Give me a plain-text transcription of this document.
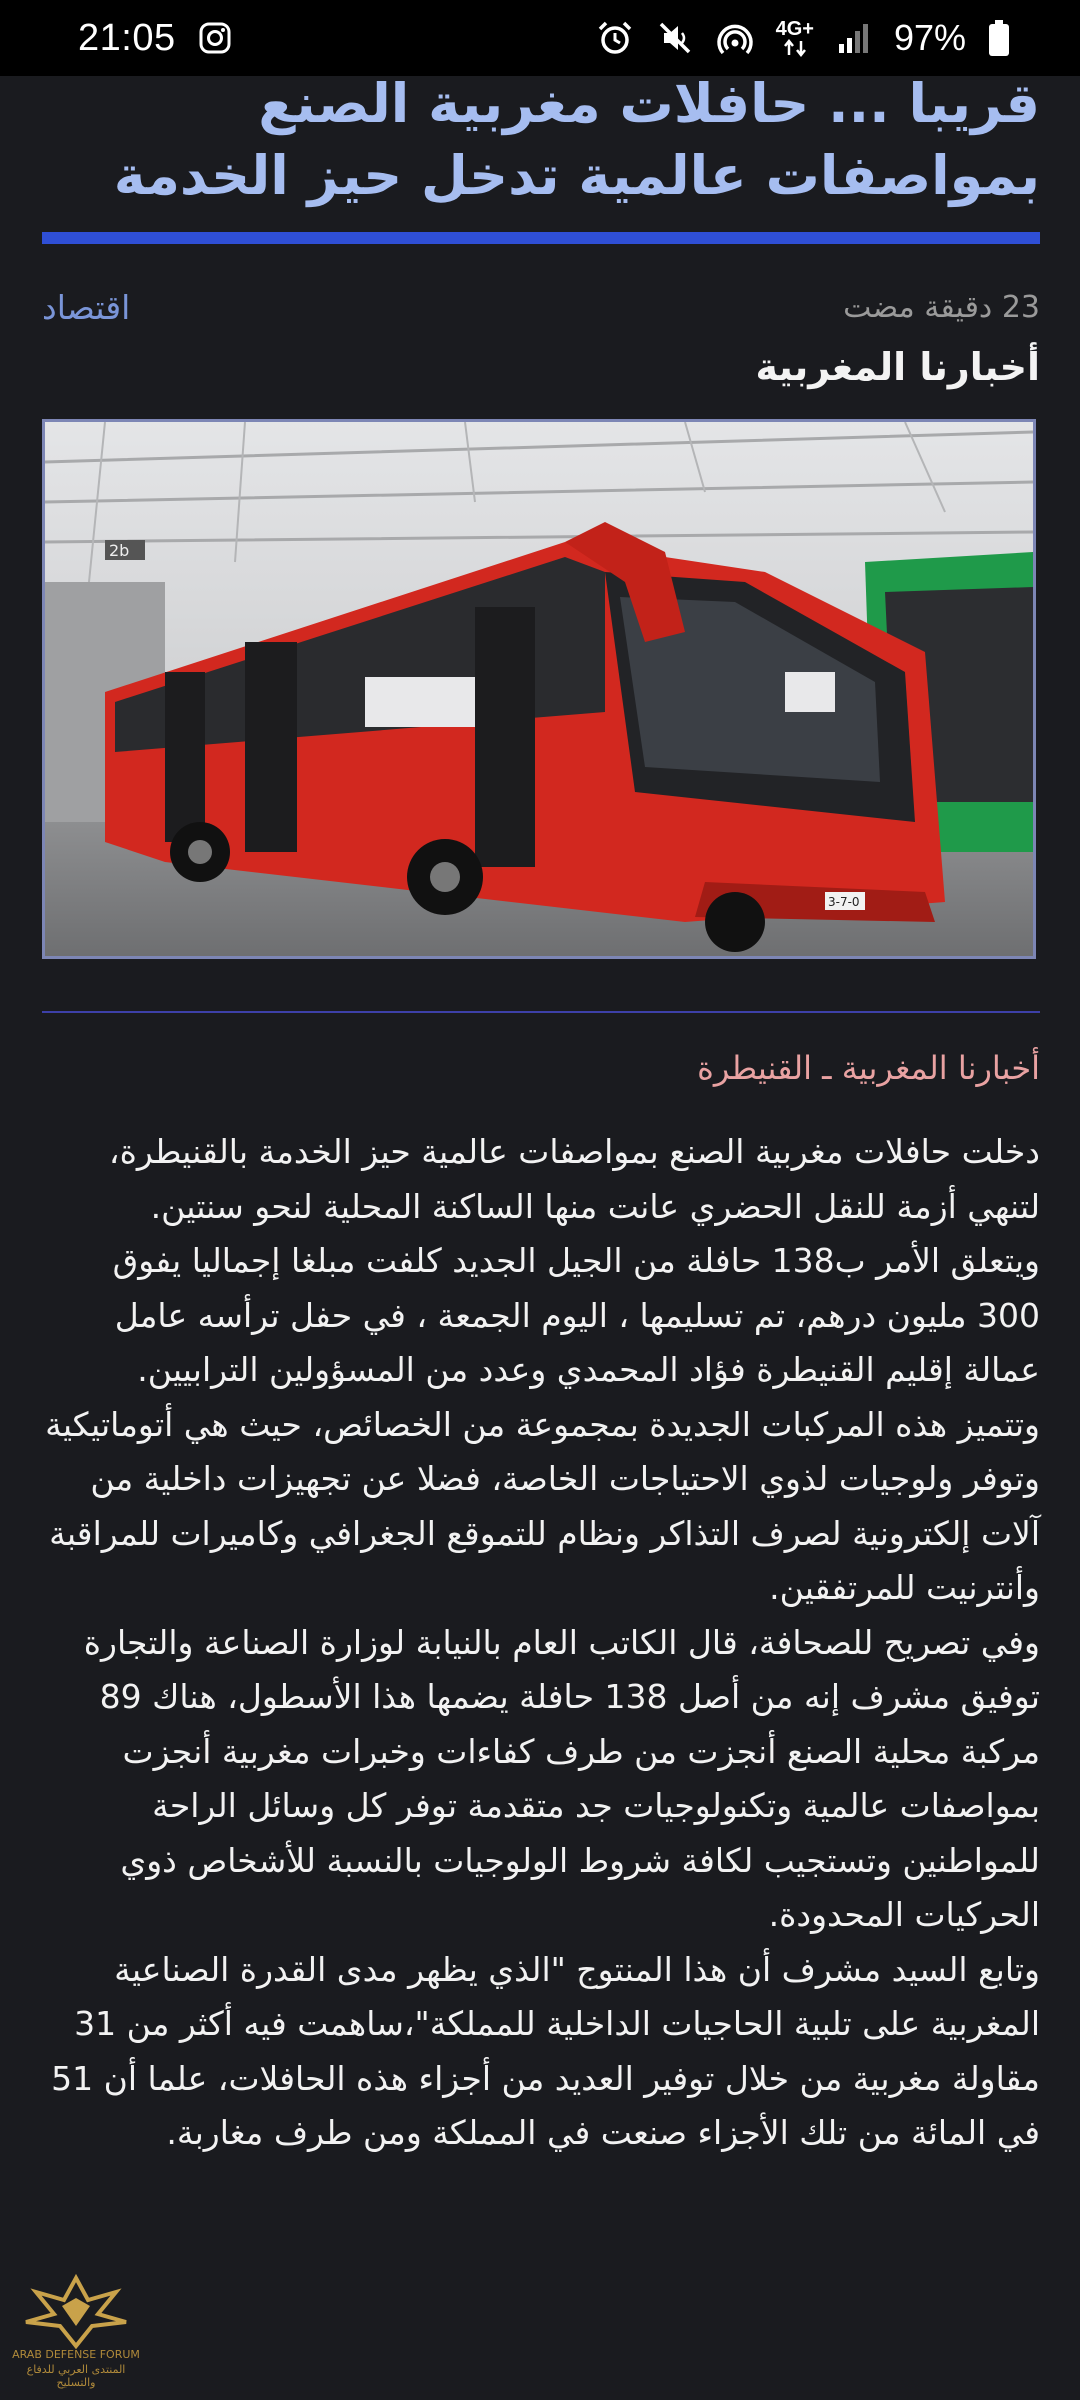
21:05	4G+ 97%
قريبا ... حافلات مغربية الصنع بمواصفات عالمية تدخل حيز الخدمة
23 دقيقة مضت
اقتصاد
أخبارنا المغربية
2b
3-7-0
أخبارنا المغربية ـ القنيطرة

دخلت حافلات مغربية الصنع بمواصفات عالمية حيز الخدمة بالقنيطرة، لتنهي أزمة للنقل الحضري عانت منها الساكنة المحلية لنحو سنتين.

ويتعلق الأمر ب138 حافلة من الجيل الجديد كلفت مبلغا إجماليا يفوق 300 مليون درهم، تم تسليمها ، اليوم الجمعة ، في حفل ترأسه عامل عمالة إقليم القنيطرة فؤاد المحمدي وعدد من المسؤولين الترابيين.

وتتميز هذه المركبات الجديدة بمجموعة من الخصائص، حيث هي أتوماتيكية وتوفر ولوجيات لذوي الاحتياجات الخاصة، فضلا عن تجهيزات داخلية من آلات إلكترونية لصرف التذاكر ونظام للتموقع الجغرافي وكاميرات للمراقبة وأنترنيت للمرتفقين.

وفي تصريح للصحافة، قال الكاتب العام بالنيابة لوزارة الصناعة والتجارة توفيق مشرف إنه من أصل 138 حافلة يضمها هذا الأسطول، هناك 89 مركبة محلية الصنع أنجزت من طرف كفاءات وخبرات مغربية أنجزت بمواصفات عالمية وتكنولوجيات جد متقدمة توفر كل وسائل الراحة للمواطنين وتستجيب لكافة شروط الولوجيات بالنسبة للأشخاص ذوي الحركيات المحدودة.

وتابع السيد مشرف أن هذا المنتوج "الذي يظهر مدى القدرة الصناعية المغربية على تلبية الحاجيات الداخلية للمملكة"،ساهمت فيه أكثر من 31 مقاولة مغربية من خلال توفير العديد من أجزاء هذه الحافلات، علما أن 51 في المائة من تلك الأجزاء صنعت في المملكة ومن طرف مغاربة.

ARAB DEFENSE FORUM
المنتدى العربي للدفاع والتسليح
